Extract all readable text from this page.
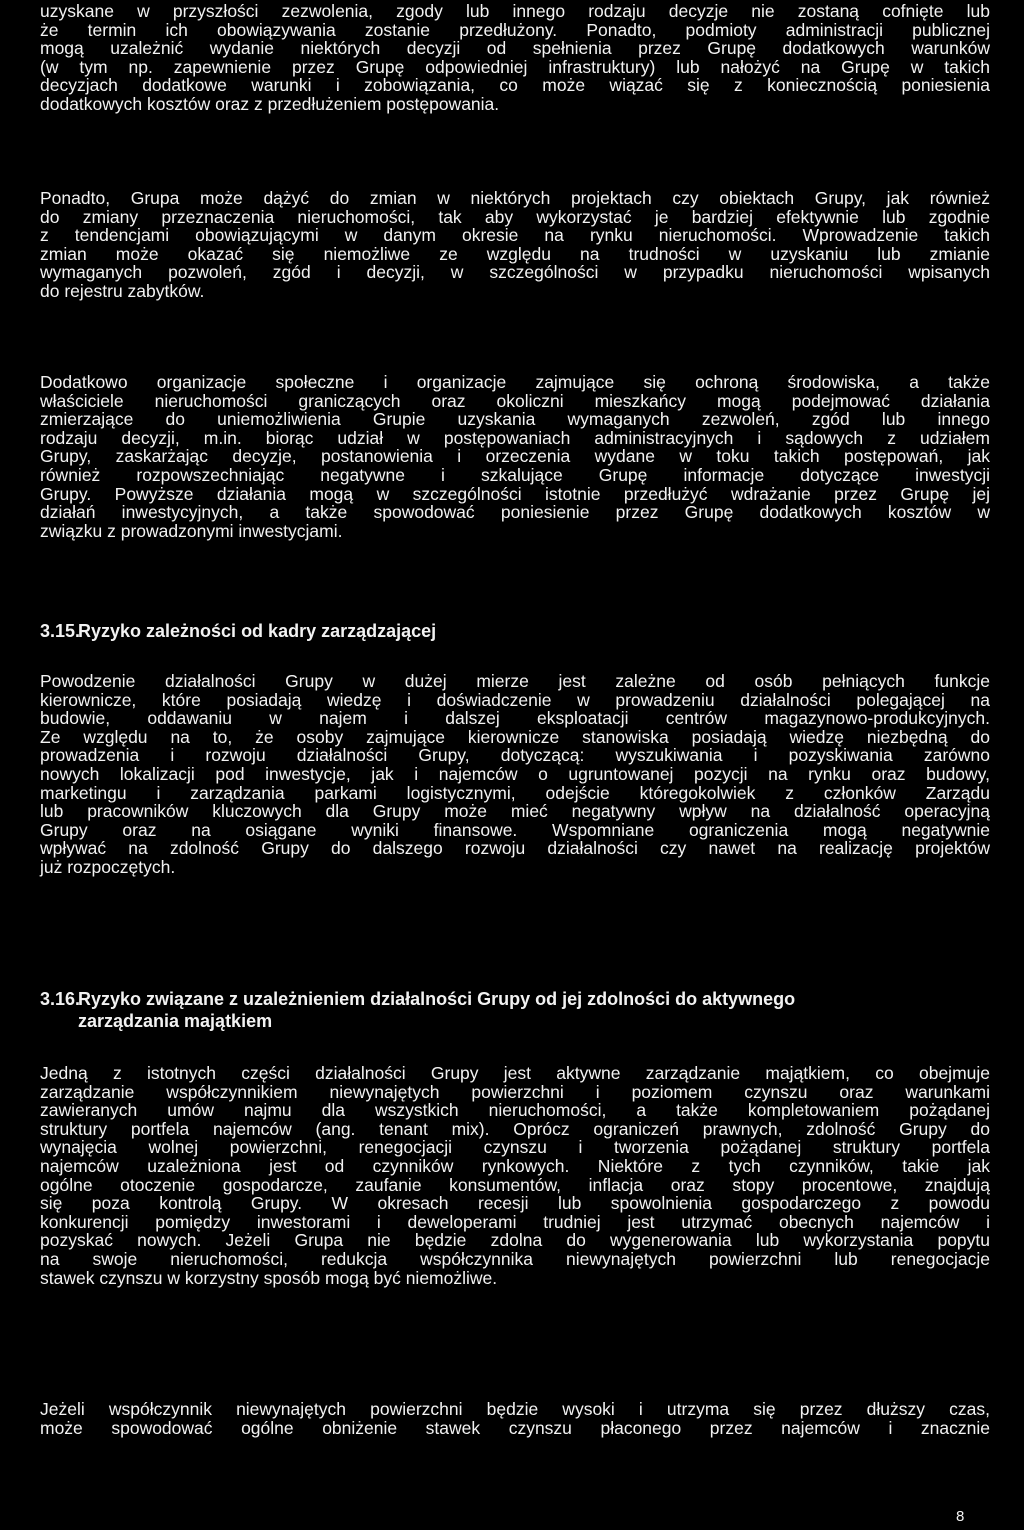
uzyskane w przyszłości zezwolenia, zgody lub innego rodzaju decyzje nie zostaną cofnięte lub
że termin ich obowiązywania zostanie przedłużony. Ponadto, podmioty administracji publicznej
mogą uzależnić wydanie niektórych decyzji od spełnienia przez Grupę dodatkowych warunków
(w tym np. zapewnienie przez Grupę odpowiedniej infrastruktury) lub nałożyć na Grupę w takich
decyzjach dodatkowe warunki i zobowiązania, co może wiązać się z koniecznością poniesienia
dodatkowych kosztów oraz z przedłużeniem postępowania.

Ponadto, Grupa może dążyć do zmian w niektórych projektach czy obiektach Grupy, jak również
do zmiany przeznaczenia nieruchomości, tak aby wykorzystać je bardziej efektywnie lub zgodnie
z tendencjami obowiązującymi w danym okresie na rynku nieruchomości. Wprowadzenie takich
zmian może okazać się niemożliwe ze względu na trudności w uzyskaniu lub zmianie
wymaganych pozwoleń, zgód i decyzji, w szczególności w przypadku nieruchomości wpisanych
do rejestru zabytków.

Dodatkowo organizacje społeczne i organizacje zajmujące się ochroną środowiska, a także
właściciele nieruchomości graniczących oraz okoliczni mieszkańcy mogą podejmować działania
zmierzające do uniemożliwienia Grupie uzyskania wymaganych zezwoleń, zgód lub innego
rodzaju decyzji, m.in. biorąc udział w postępowaniach administracyjnych i sądowych z udziałem
Grupy, zaskarżając decyzje, postanowienia i orzeczenia wydane w toku takich postępowań, jak
również rozpowszechniając negatywne i szkalujące Grupę informacje dotyczące inwestycji
Grupy. Powyższe działania mogą w szczególności istotnie przedłużyć wdrażanie przez Grupę jej
działań inwestycyjnych, a także spowodować poniesienie przez Grupę dodatkowych kosztów w
związku z prowadzonymi inwestycjami.

3.15.Ryzyko zależności od kadry zarządzającej

Powodzenie działalności Grupy w dużej mierze jest zależne od osób pełniących funkcje
kierownicze, które posiadają wiedzę i doświadczenie w prowadzeniu działalności polegającej na
budowie, oddawaniu w najem i dalszej eksploatacji centrów magazynowo-produkcyjnych.
Ze względu na to, że osoby zajmujące kierownicze stanowiska posiadają wiedzę niezbędną do
prowadzenia i rozwoju działalności Grupy, dotyczącą: wyszukiwania i pozyskiwania zarówno
nowych lokalizacji pod inwestycje, jak i najemców o ugruntowanej pozycji na rynku oraz budowy,
marketingu i zarządzania parkami logistycznymi, odejście któregokolwiek z członków Zarządu
lub pracowników kluczowych dla Grupy może mieć negatywny wpływ na działalność operacyjną
Grupy oraz na osiągane wyniki finansowe. Wspomniane ograniczenia mogą negatywnie
wpływać na zdolność Grupy do dalszego rozwoju działalności czy nawet na realizację projektów
już rozpoczętych.

3.16.Ryzyko związane z uzależnieniem działalności Grupy od jej zdolności do aktywnego
zarządzania majątkiem

Jedną z istotnych części działalności Grupy jest aktywne zarządzanie majątkiem, co obejmuje
zarządzanie współczynnikiem niewynajętych powierzchni i poziomem czynszu oraz warunkami
zawieranych umów najmu dla wszystkich nieruchomości, a także kompletowaniem pożądanej
struktury portfela najemców (ang. tenant mix). Oprócz ograniczeń prawnych, zdolność Grupy do
wynajęcia wolnej powierzchni, renegocjacji czynszu i tworzenia pożądanej struktury portfela
najemców uzależniona jest od czynników rynkowych. Niektóre z tych czynników, takie jak
ogólne otoczenie gospodarcze, zaufanie konsumentów, inflacja oraz stopy procentowe, znajdują
się poza kontrolą Grupy. W okresach recesji lub spowolnienia gospodarczego z powodu
konkurencji pomiędzy inwestorami i deweloperami trudniej jest utrzymać obecnych najemców i
pozyskać nowych. Jeżeli Grupa nie będzie zdolna do wygenerowania lub wykorzystania popytu
na swoje nieruchomości, redukcja współczynnika niewynajętych powierzchni lub renegocjacje
stawek czynszu w korzystny sposób mogą być niemożliwe.

Jeżeli współczynnik niewynajętych powierzchni będzie wysoki i utrzyma się przez dłuższy czas,
może spowodować ogólne obniżenie stawek czynszu płaconego przez najemców i znacznie

8
